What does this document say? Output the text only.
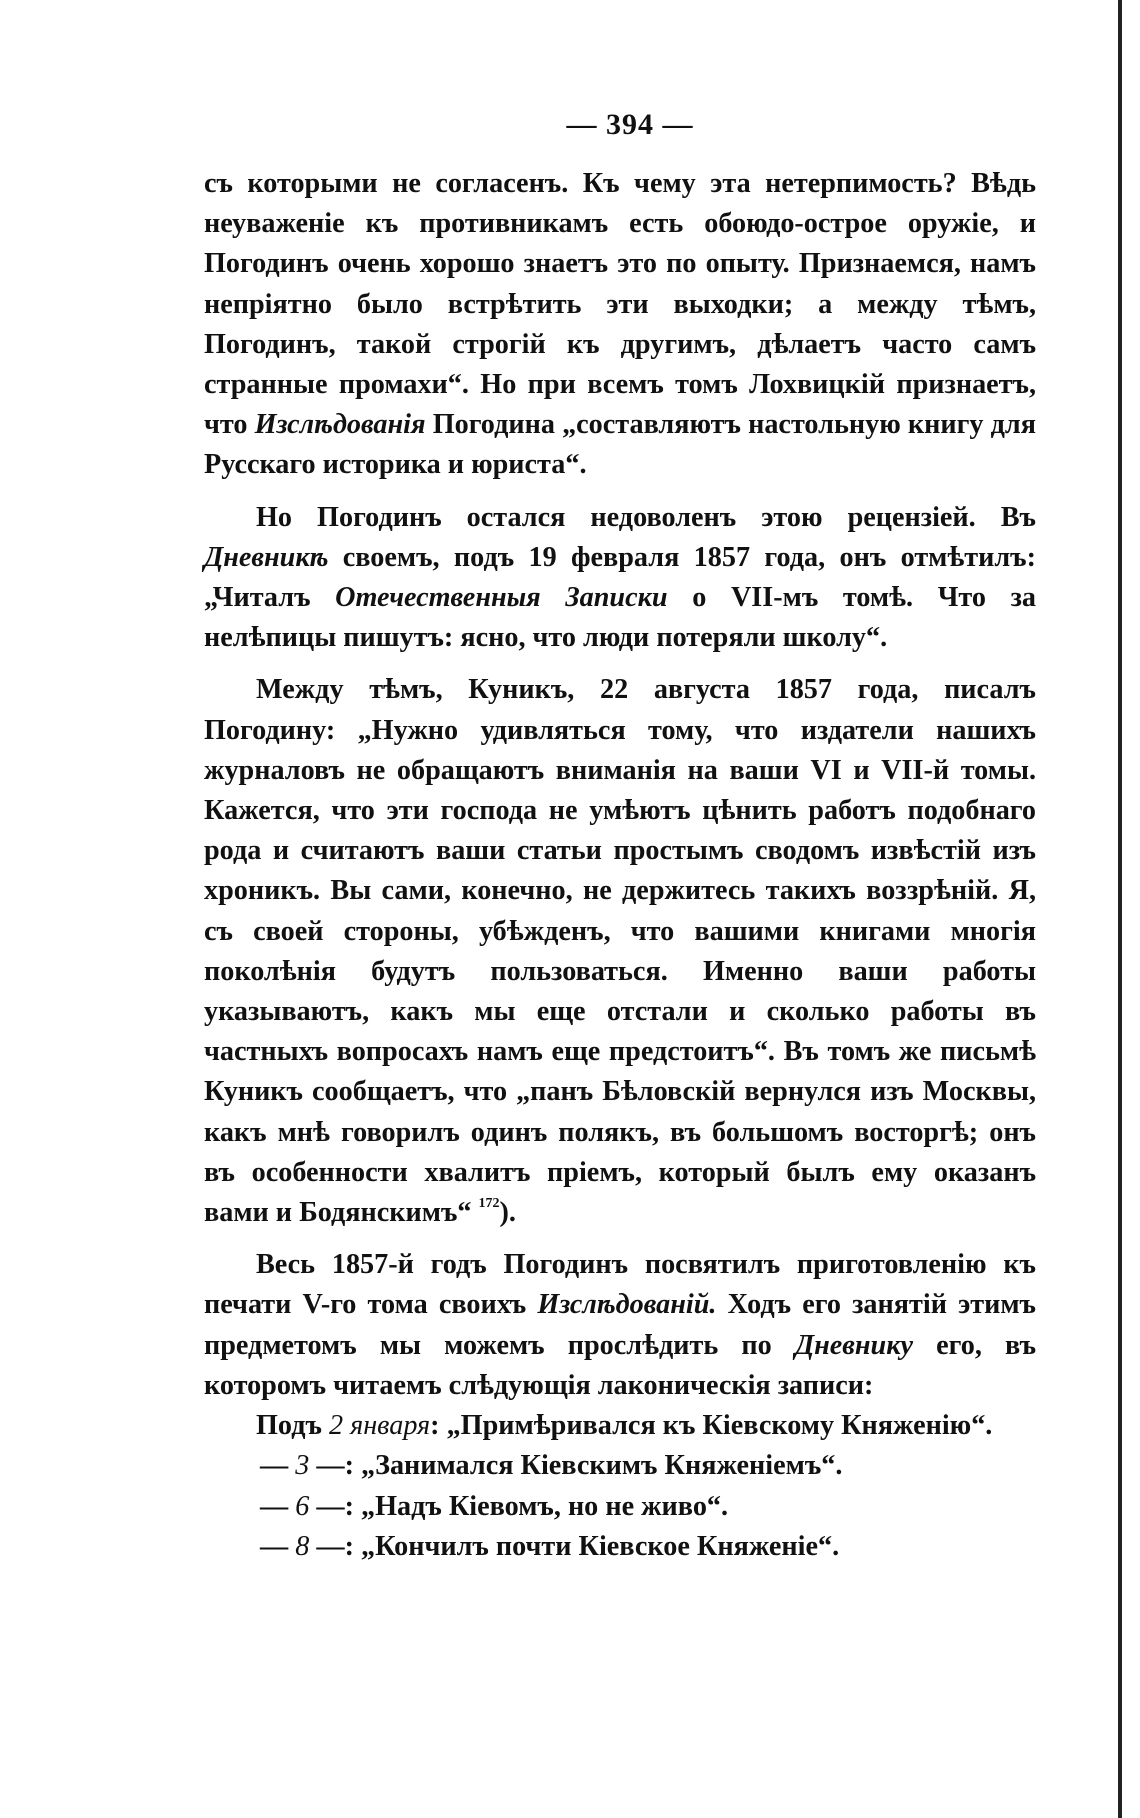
— 394 —

съ которыми не согласенъ. Къ чему эта нетерпимость? Вѣдь неуваженіе къ противникамъ есть обоюдо-острое оружіе, и Погодинъ очень хорошо знаетъ это по опыту. Признаемся, намъ непріятно было встрѣтить эти выходки; а между тѣмъ, Погодинъ, такой строгій къ другимъ, дѣлаетъ часто самъ странные промахи“. Но при всемъ томъ Лохвицкій признаетъ, что Изслѣдованія Погодина „составляютъ настольную книгу для Русскаго историка и юриста“.

Но Погодинъ остался недоволенъ этою рецензіей. Въ Дневникѣ своемъ, подъ 19 февраля 1857 года, онъ отмѣтилъ: „Читалъ Отечественныя Записки о VII-мъ томѣ. Что за нелѣпицы пишутъ: ясно, что люди потеряли школу“.

Между тѣмъ, Куникъ, 22 августа 1857 года, писалъ Погодину: „Нужно удивляться тому, что издатели нашихъ журналовъ не обращаютъ вниманія на ваши VI и VII-й томы. Кажется, что эти господа не умѣютъ цѣнить работъ подобнаго рода и считаютъ ваши статьи простымъ сводомъ извѣстій изъ хроникъ. Вы сами, конечно, не держитесь такихъ воззрѣній. Я, съ своей стороны, убѣжденъ, что вашими книгами многія поколѣнія будутъ пользоваться. Именно ваши работы указываютъ, какъ мы еще отстали и сколько работы въ частныхъ вопросахъ намъ еще предстоитъ“. Въ томъ же письмѣ Куникъ сообщаетъ, что „панъ Бѣловскій вернулся изъ Москвы, какъ мнѣ говорилъ одинъ полякъ, въ большомъ восторгѣ; онъ въ особенности хвалитъ пріемъ, который былъ ему оказанъ вами и Бодянскимъ“ $^{172}$).

Весь 1857-й годъ Погодинъ посвятилъ приготовленію къ печати V-го тома своихъ Изслѣдованій. Ходъ его занятій этимъ предметомъ мы можемъ прослѣдить по Дневнику его, въ которомъ читаемъ слѣдующія лаконическія записи:

Подъ 2 января: „Примѣривался къ Кіевскому Княженію“.
— 3 —: „Занимался Кіевскимъ Княженіемъ“.
— 6 —: „Надъ Кіевомъ, но не живо“.
— 8 —: „Кончилъ почти Кіевское Княженіе“.
